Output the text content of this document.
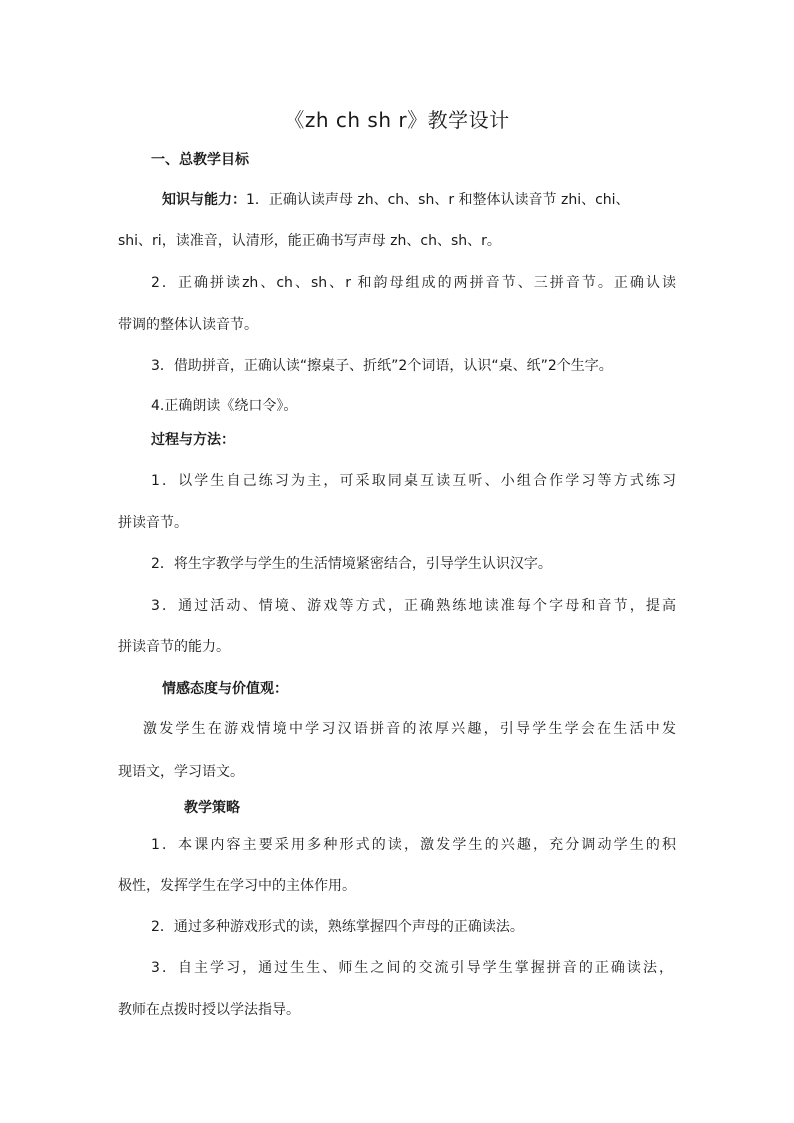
《zh ch sh r》教学设计

一、总教学目标

知识与能力：1．正确认读声母 zh、ch、sh、r 和整体认读音节 zhi、chi、

shi、ri，读准音，认清形，能正确书写声母 zh、ch、sh、r。

2．正确拼读zh、ch、sh、r 和韵母组成的两拼音节、三拼音节。正确认读

带调的整体认读音节。

3．借助拼音，正确认读“擦桌子、折纸”2个词语，认识“桌、纸”2个生字。

4.正确朗读《绕口令》。

过程与方法：

1．以学生自己练习为主，可采取同桌互读互听、小组合作学习等方式练习

拼读音节。

2．将生字教学与学生的生活情境紧密结合，引导学生认识汉字。

3．通过活动、情境、游戏等方式，正确熟练地读准每个字母和音节，提高

拼读音节的能力。

情感态度与价值观：

激发学生在游戏情境中学习汉语拼音的浓厚兴趣，引导学生学会在生活中发

现语文，学习语文。

教学策略

1．本课内容主要采用多种形式的读，激发学生的兴趣，充分调动学生的积

极性，发挥学生在学习中的主体作用。

2．通过多种游戏形式的读，熟练掌握四个声母的正确读法。

3．自主学习，通过生生、师生之间的交流引导学生掌握拼音的正确读法，

教师在点拨时授以学法指导。
